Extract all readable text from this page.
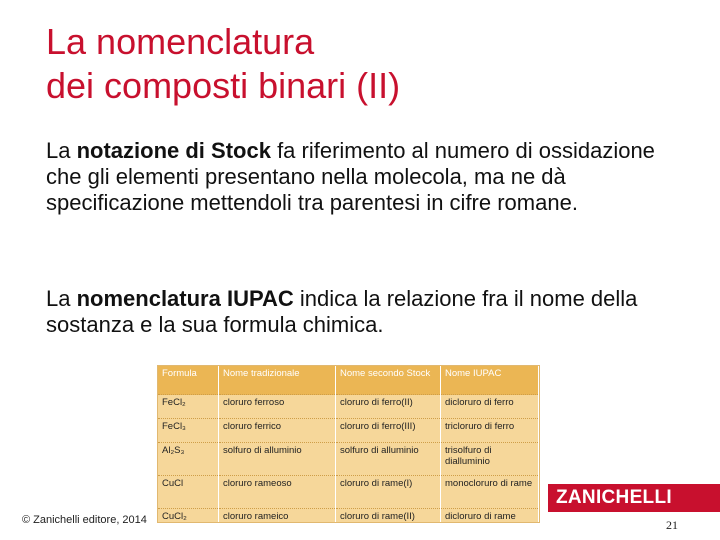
La nomenclatura
dei composti binari (II)
La notazione di Stock fa riferimento al numero di ossidazione che gli elementi presentano nella molecola, ma ne dà specificazione mettendoli tra parentesi in cifre romane.
La nomenclatura IUPAC indica la relazione fra il nome della sostanza e la sua formula chimica.
Formula	Nome tradizionale	Nome secondo Stock	Nome IUPAC
FeCl₂	cloruro ferroso	cloruro di ferro(II)	dicloruro di ferro
FeCl₃	cloruro ferrico	cloruro di ferro(III)	tricloruro di ferro
Al₂S₃	solfuro di alluminio	solfuro di alluminio	trisolfuro di dialluminio
CuCl	cloruro rameoso	cloruro di rame(I)	monocloruro di rame
CuCl₂	cloruro rameico	cloruro di rame(II)	dicloruro di rame
© Zanichelli editore, 2014
ZANICHELLI
21
